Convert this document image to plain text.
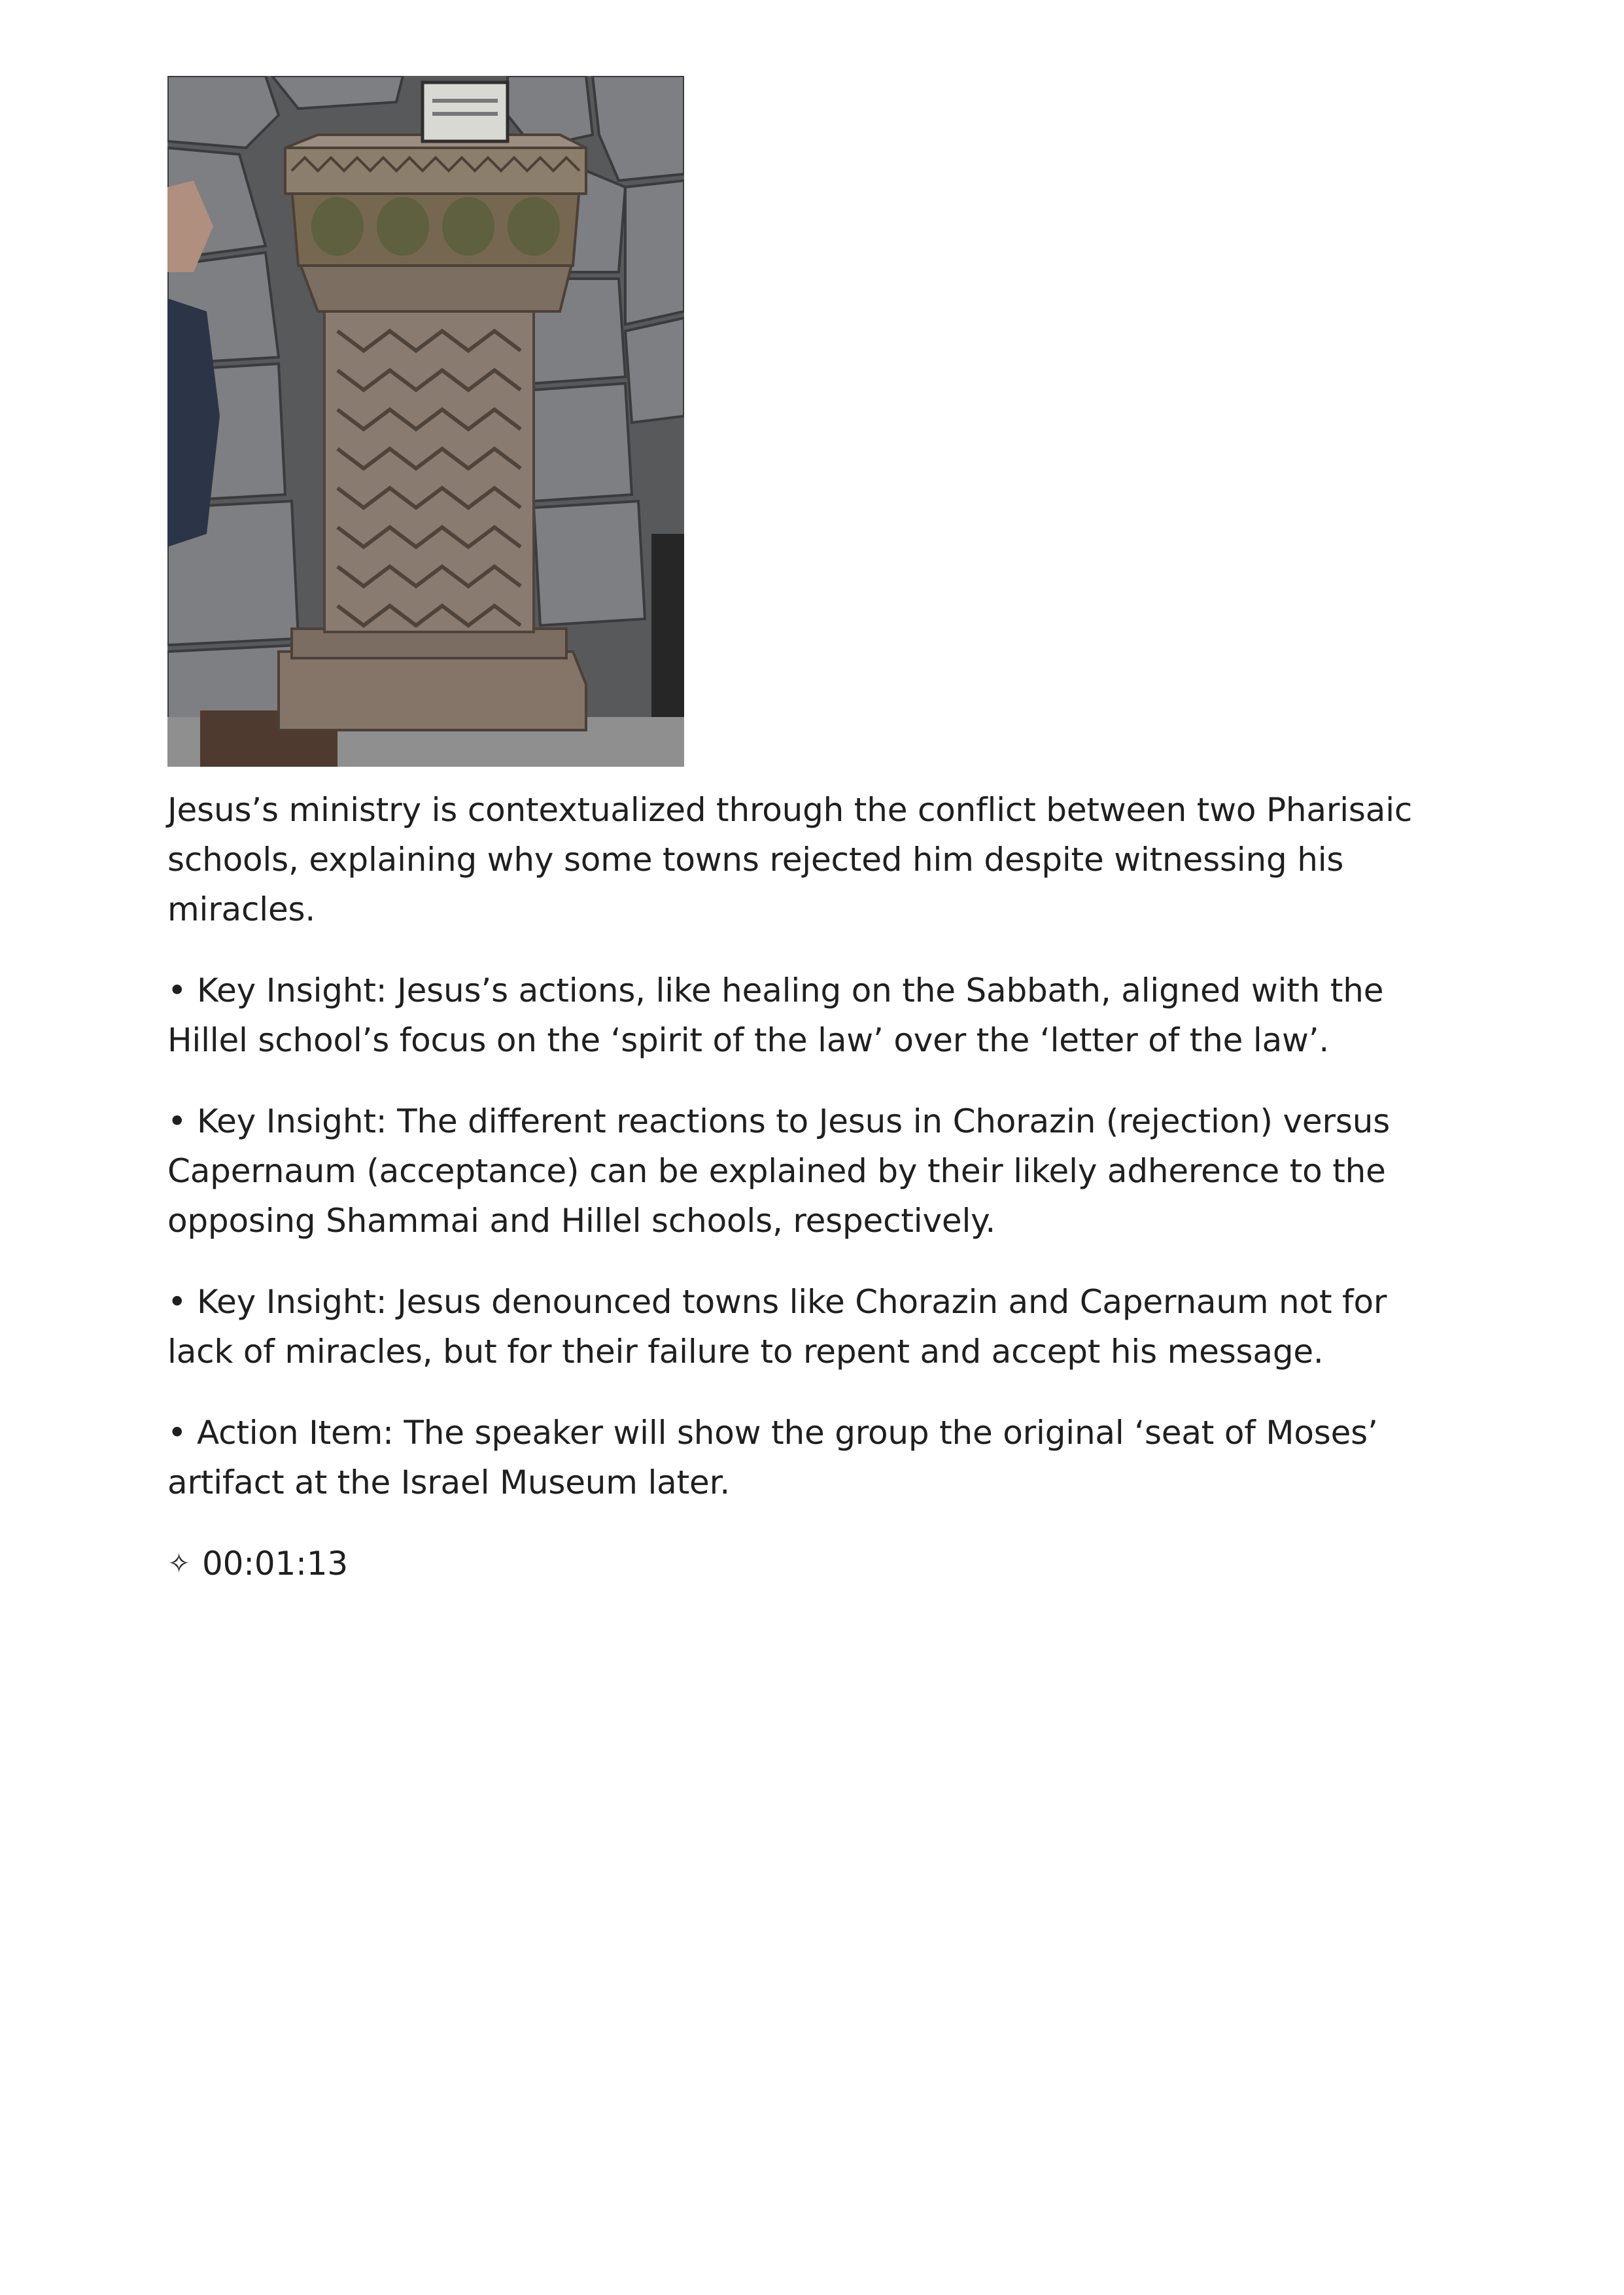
Jesus’s ministry is contextualized through the conflict between two Pharisaic schools, explaining why some towns rejected him despite witnessing his miracles.

• Key Insight: Jesus’s actions, like healing on the Sabbath, aligned with the Hillel school’s focus on the ‘spirit of the law’ over the ‘letter of the law’.

• Key Insight: The different reactions to Jesus in Chorazin (rejection) versus Capernaum (acceptance) can be explained by their likely adherence to the opposing Shammai and Hillel schools, respectively.

• Key Insight: Jesus denounced towns like Chorazin and Capernaum not for lack of miracles, but for their failure to repent and accept his message.

• Action Item: The speaker will show the group the original ‘seat of Moses’ artifact at the Israel Museum later.

✧ 00:01:13
